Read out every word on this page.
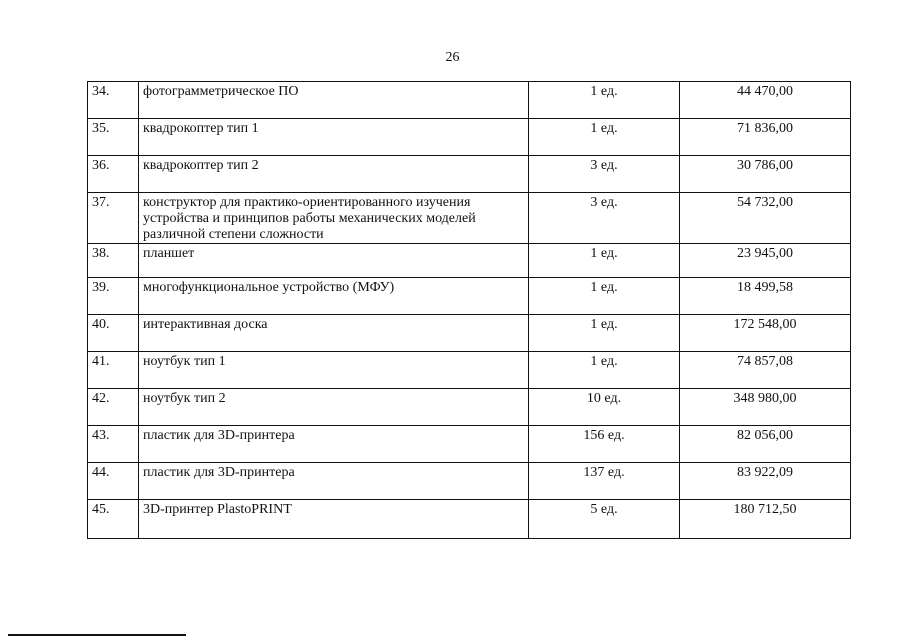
26
34.	фотограмметрическое ПО	1 ед.	44 470,00
35.	квадрокоптер тип 1	1 ед.	71 836,00
36.	квадрокоптер тип 2	3 ед.	30 786,00
37.	конструктор для практико-ориентированного изучения устройства и принципов работы механических моделей различной степени сложности	3 ед.	54 732,00
38.	планшет	1 ед.	23 945,00
39.	многофункциональное устройство (МФУ)	1 ед.	18 499,58
40.	интерактивная доска	1 ед.	172 548,00
41.	ноутбук тип 1	1 ед.	74 857,08
42.	ноутбук тип 2	10 ед.	348 980,00
43.	пластик для 3D-принтера	156 ед.	82 056,00
44.	пластик для 3D-принтера	137 ед.	83 922,09
45.	3D-принтер PlastoPRINT	5 ед.	180 712,50
